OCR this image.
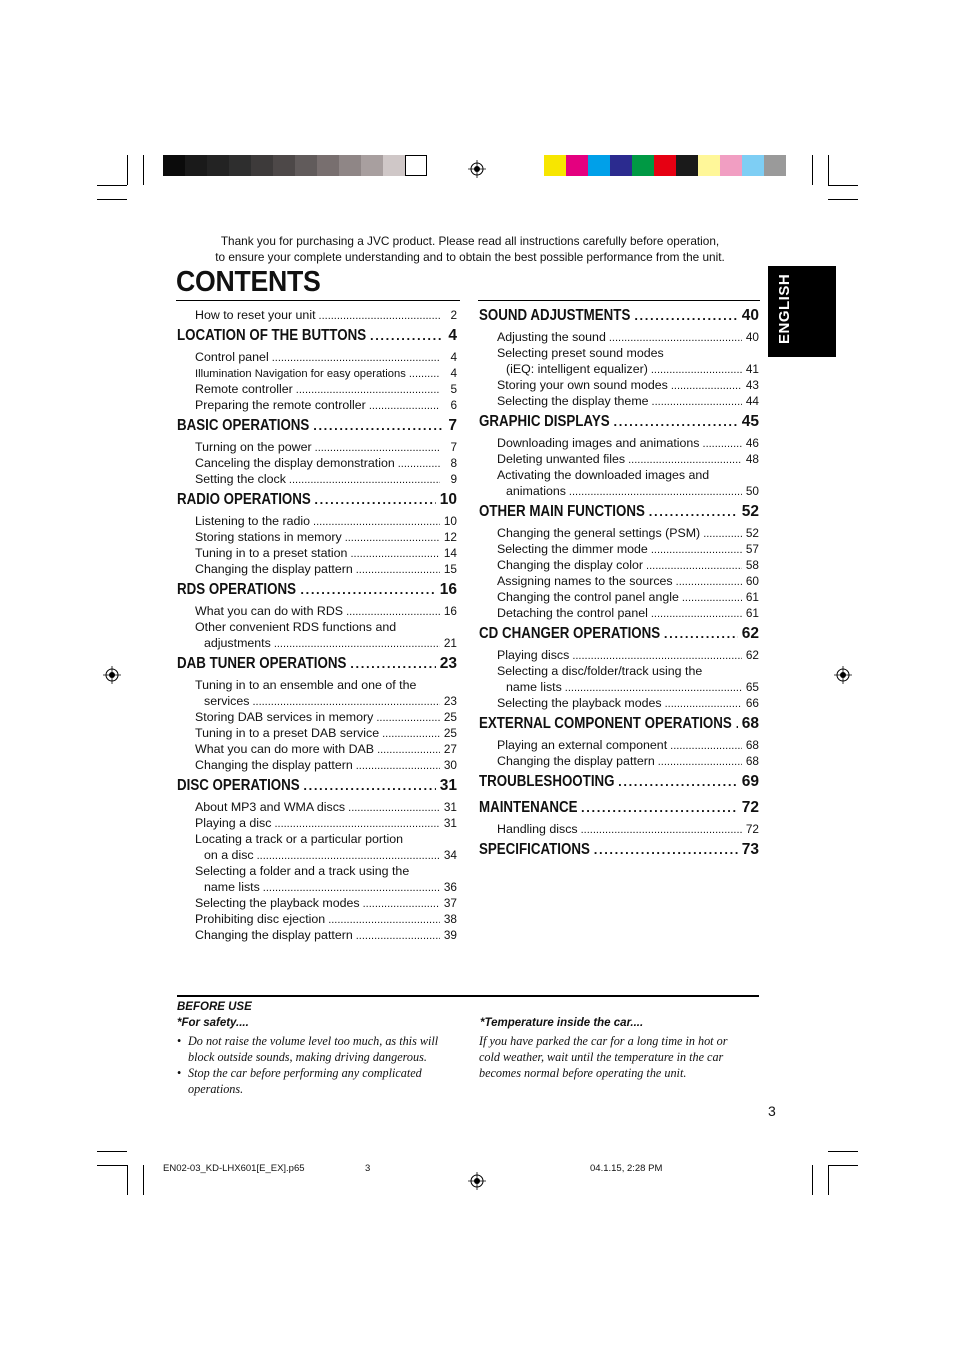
Thank you for purchasing a JVC product. Please read all instructions carefully before operation,
to ensure your complete understanding and to obtain the best possible performance from the unit.
CONTENTS	ENGLISH
How to reset your unit .....	2
LOCATION OF THE BUTTONS . . .	4
Control panel .....	4
Illumination Navigation for easy operations .....	4
Remote controller .....	5
Preparing the remote controller .....	6
BASIC OPERATIONS . . .	7
Turning on the power .....	7
Canceling the display demonstration .....	8
Setting the clock .....	9
RADIO OPERATIONS . . .	10
Listening to the radio .....	10
Storing stations in memory .....	12
Tuning in to a preset station .....	14
Changing the display pattern .....	15
RDS OPERATIONS . . .	16
What you can do with RDS .....	16
Other convenient RDS functions and
adjustments .....	21
DAB TUNER OPERATIONS . . .	23
Tuning in to an ensemble and one of the
services .....	23
Storing DAB services in memory .....	25
Tuning in to a preset DAB service .....	25
What you can do more with DAB .....	27
Changing the display pattern .....	30
DISC OPERATIONS . . .	31
About MP3 and WMA discs .....	31
Playing a disc .....	31
Locating a track or a particular portion
on a disc .....	34
Selecting a folder and a track using the
name lists .....	36
Selecting the playback modes .....	37
Prohibiting disc ejection .....	38
Changing the display pattern .....	39
SOUND ADJUSTMENTS . . .	40
Adjusting the sound .....	40
Selecting preset sound modes
(iEQ: intelligent equalizer) .....	41
Storing your own sound modes .....	43
Selecting the display theme .....	44
GRAPHIC DISPLAYS . . .	45
Downloading images and animations .....	46
Deleting unwanted files .....	48
Activating the downloaded images and
animations .....	50
OTHER MAIN FUNCTIONS . . .	52
Changing the general settings (PSM) .....	52
Selecting the dimmer mode .....	57
Changing the display color .....	58
Assigning names to the sources .....	60
Changing the control panel angle .....	61
Detaching the control panel .....	61
CD CHANGER OPERATIONS . . .	62
Playing discs .....	62
Selecting a disc/folder/track using the
name lists .....	65
Selecting the playback modes .....	66
EXTERNAL COMPONENT OPERATIONS . . . 68
Playing an external component .....	68
Changing the display pattern .....	68
TROUBLESHOOTING . . .	69
MAINTENANCE . . .	72
Handling discs .....	72
SPECIFICATIONS . . .	73
BEFORE USE
*For safety....
• Do not raise the volume level too much, as this will block outside sounds, making driving dangerous.
• Stop the car before performing any complicated operations.
*Temperature inside the car....
If you have parked the car for a long time in hot or cold weather, wait until the temperature in the car becomes normal before operating the unit.
3
EN02-03_KD-LHX601[E_EX].p65	3	04.1.15, 2:28 PM
